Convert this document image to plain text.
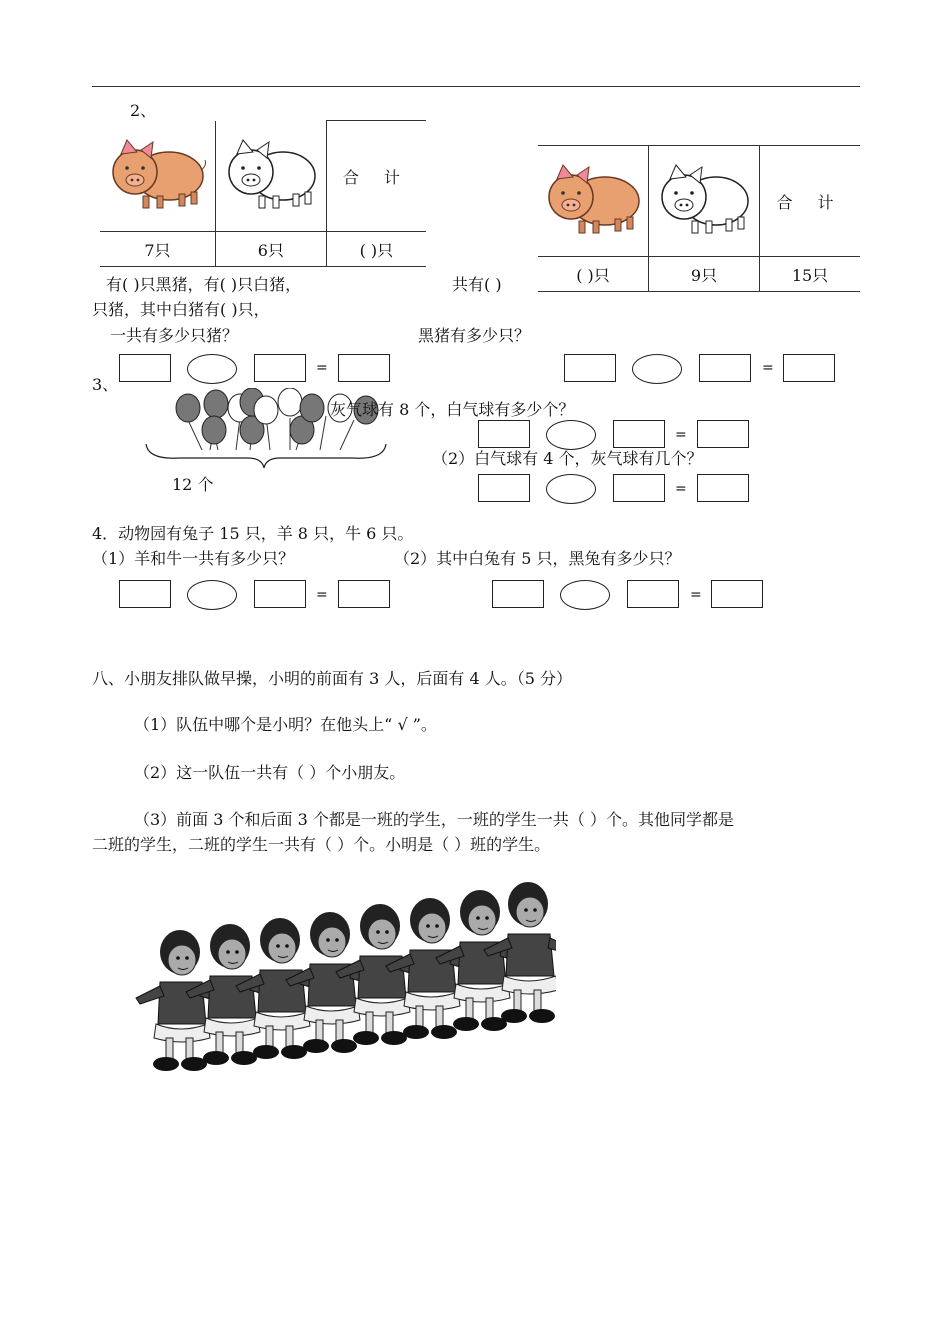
2、
		合 计
7只	6只	( )只
		合 计
( )只	9只	15只
有( )只黑猪，有( )只白猪，	共有( )
只猪，其中白猪有( )只，
一共有多少只猪？	黑猪有多少只？
=	=
3、
灰气球有 8 个，白气球有多少个？
12 个
=
（2）白气球有 4 个，灰气球有几个？
=
4．动物园有兔子 15 只，羊 8 只，牛 6 只。
（1）羊和牛一共有多少只？	（2）其中白兔有 5 只，黑兔有多少只？
=	=
八、小朋友排队做早操，小明的前面有 3 人，后面有 4 人。（5 分）
（1）队伍中哪个是小明？在他头上“ √ ”。
（2）这一队伍一共有（ ）个小朋友。
（3）前面 3 个和后面 3 个都是一班的学生，一班的学生一共（ ）个。其他同学都是
二班的学生，二班的学生一共有（ ）个。小明是（ ）班的学生。
